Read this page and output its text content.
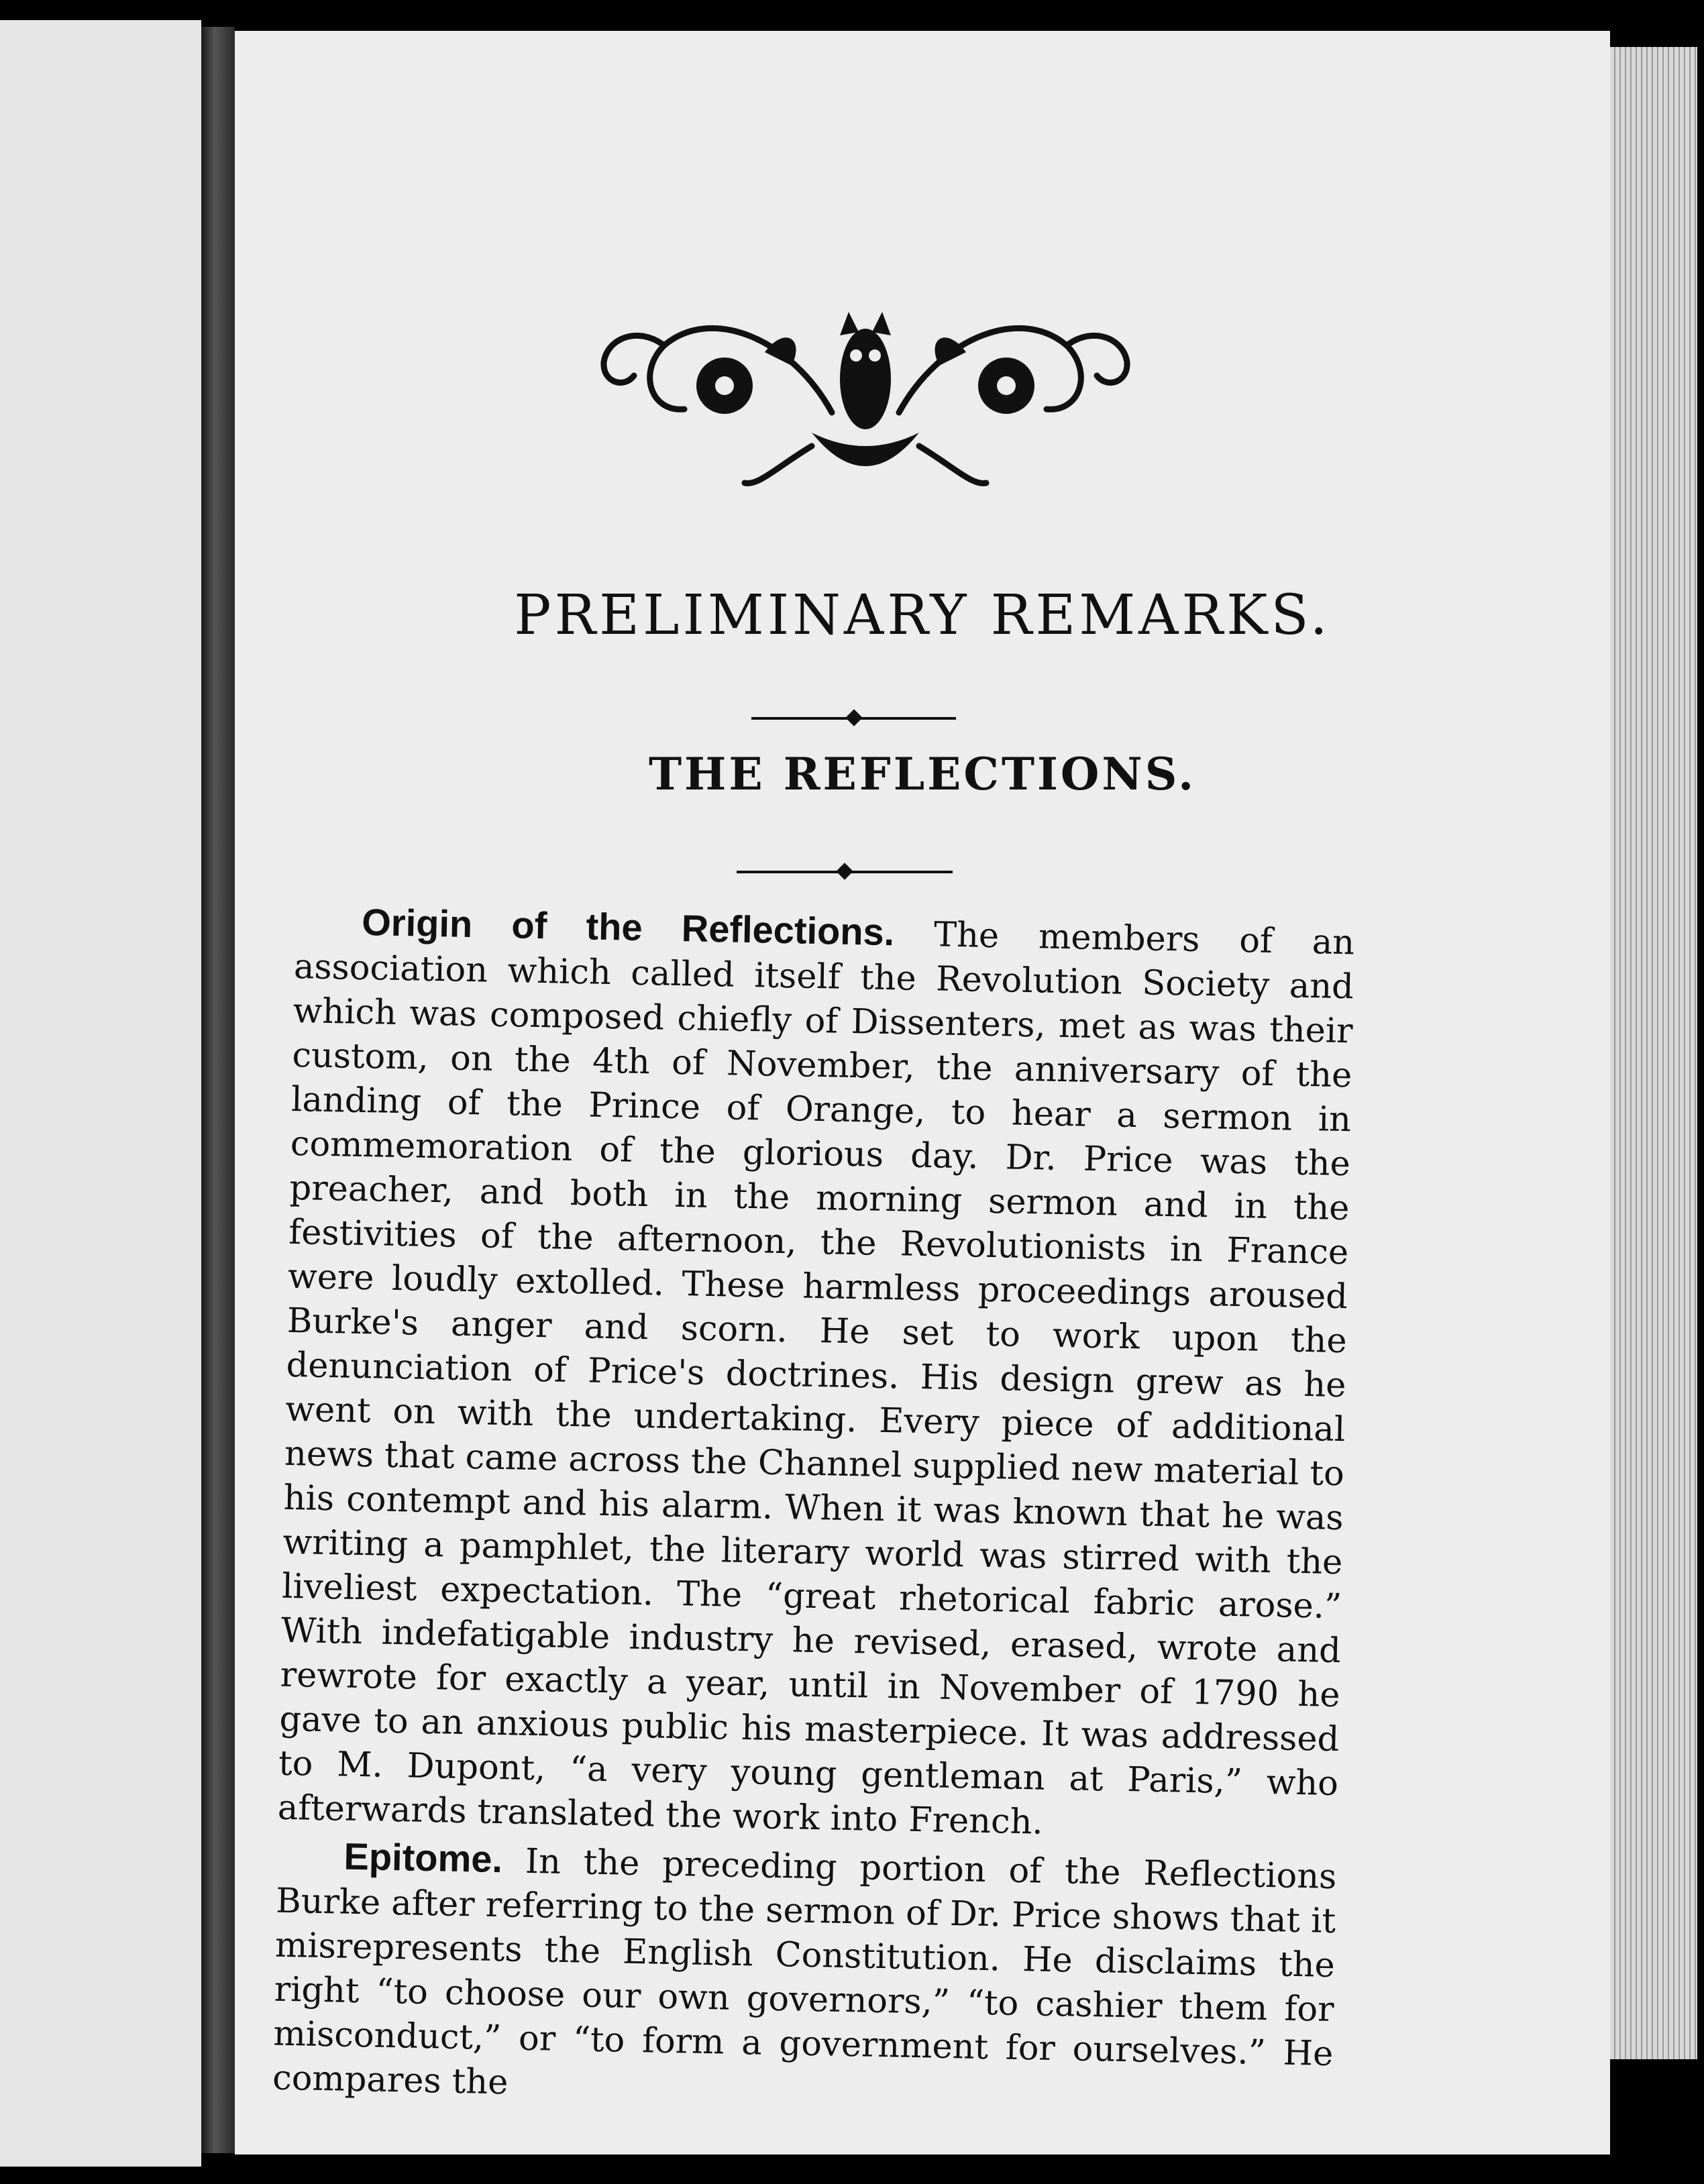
PRELIMINARY REMARKS.
THE REFLECTIONS.

Origin of the Reflections. The members of an association which called itself the Revolution Society and which was composed chiefly of Dissenters, met as was their custom, on the 4th of November, the anniversary of the landing of the Prince of Orange, to hear a sermon in commemoration of the glorious day. Dr. Price was the preacher, and both in the morning sermon and in the festivities of the afternoon, the Revolutionists in France were loudly extolled. These harmless proceedings aroused Burke's anger and scorn. He set to work upon the denunciation of Price's doctrines. His design grew as he went on with the undertaking. Every piece of additional news that came across the Channel supplied new material to his contempt and his alarm. When it was known that he was writing a pamphlet, the literary world was stirred with the liveliest expectation. The “great rhetorical fabric arose.” With indefatigable industry he revised, erased, wrote and rewrote for exactly a year, until in November of 1790 he gave to an anxious public his masterpiece. It was addressed to M. Dupont, “a very young gentleman at Paris,” who afterwards translated the work into French.

Epitome. In the preceding portion of the Reflections Burke after referring to the sermon of Dr. Price shows that it misrepresents the English Constitution. He disclaims the right “to choose our own governors,” “to cashier them for misconduct,” or “to form a government for ourselves.” He compares the
